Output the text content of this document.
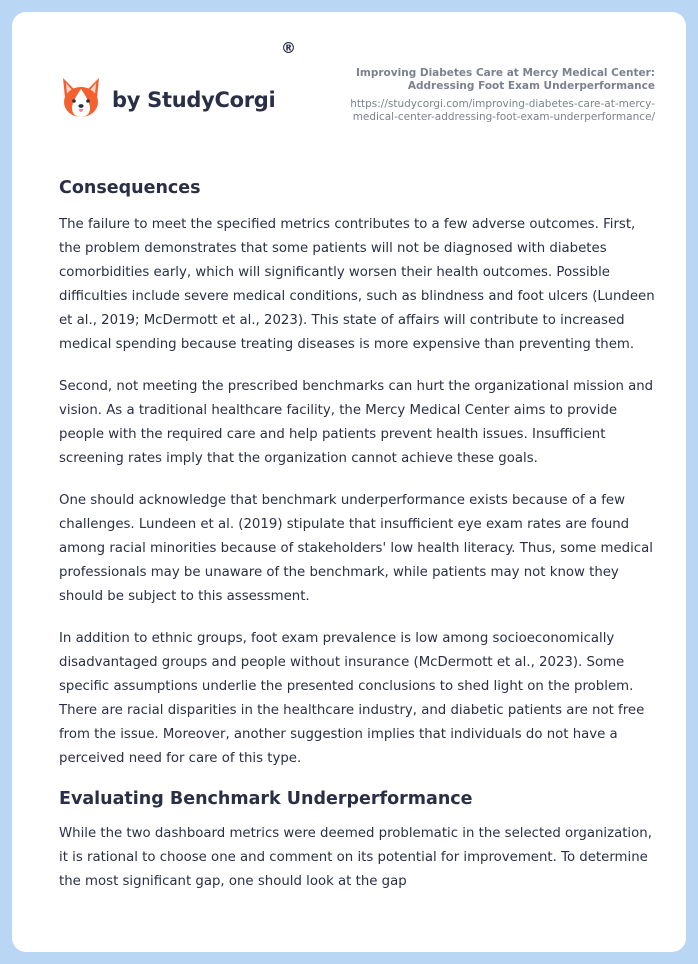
by StudyCorgi
®
Improving Diabetes Care at Mercy Medical Center:
Addressing Foot Exam Underperformance
https://studycorgi.com/improving-diabetes-care-at-mercy-
medical-center-addressing-foot-exam-underperformance/
Consequences

The failure to meet the specified metrics contributes to a few adverse outcomes. First, the problem demonstrates that some patients will not be diagnosed with diabetes comorbidities early, which will significantly worsen their health outcomes. Possible difficulties include severe medical conditions, such as blindness and foot ulcers (Lundeen et al., 2019; McDermott et al., 2023). This state of affairs will contribute to increased medical spending because treating diseases is more expensive than preventing them.

Second, not meeting the prescribed benchmarks can hurt the organizational mission and vision. As a traditional healthcare facility, the Mercy Medical Center aims to provide people with the required care and help patients prevent health issues. Insufficient screening rates imply that the organization cannot achieve these goals.

One should acknowledge that benchmark underperformance exists because of a few challenges. Lundeen et al. (2019) stipulate that insufficient eye exam rates are found among racial minorities because of stakeholders' low health literacy. Thus, some medical professionals may be unaware of the benchmark, while patients may not know they should be subject to this assessment.

In addition to ethnic groups, foot exam prevalence is low among socioeconomically disadvantaged groups and people without insurance (McDermott et al., 2023). Some specific assumptions underlie the presented conclusions to shed light on the problem. There are racial disparities in the healthcare industry, and diabetic patients are not free from the issue. Moreover, another suggestion implies that individuals do not have a perceived need for care of this type.

Evaluating Benchmark Underperformance

While the two dashboard metrics were deemed problematic in the selected organization, it is rational to choose one and comment on its potential for improvement. To determine the most significant gap, one should look at the gap
